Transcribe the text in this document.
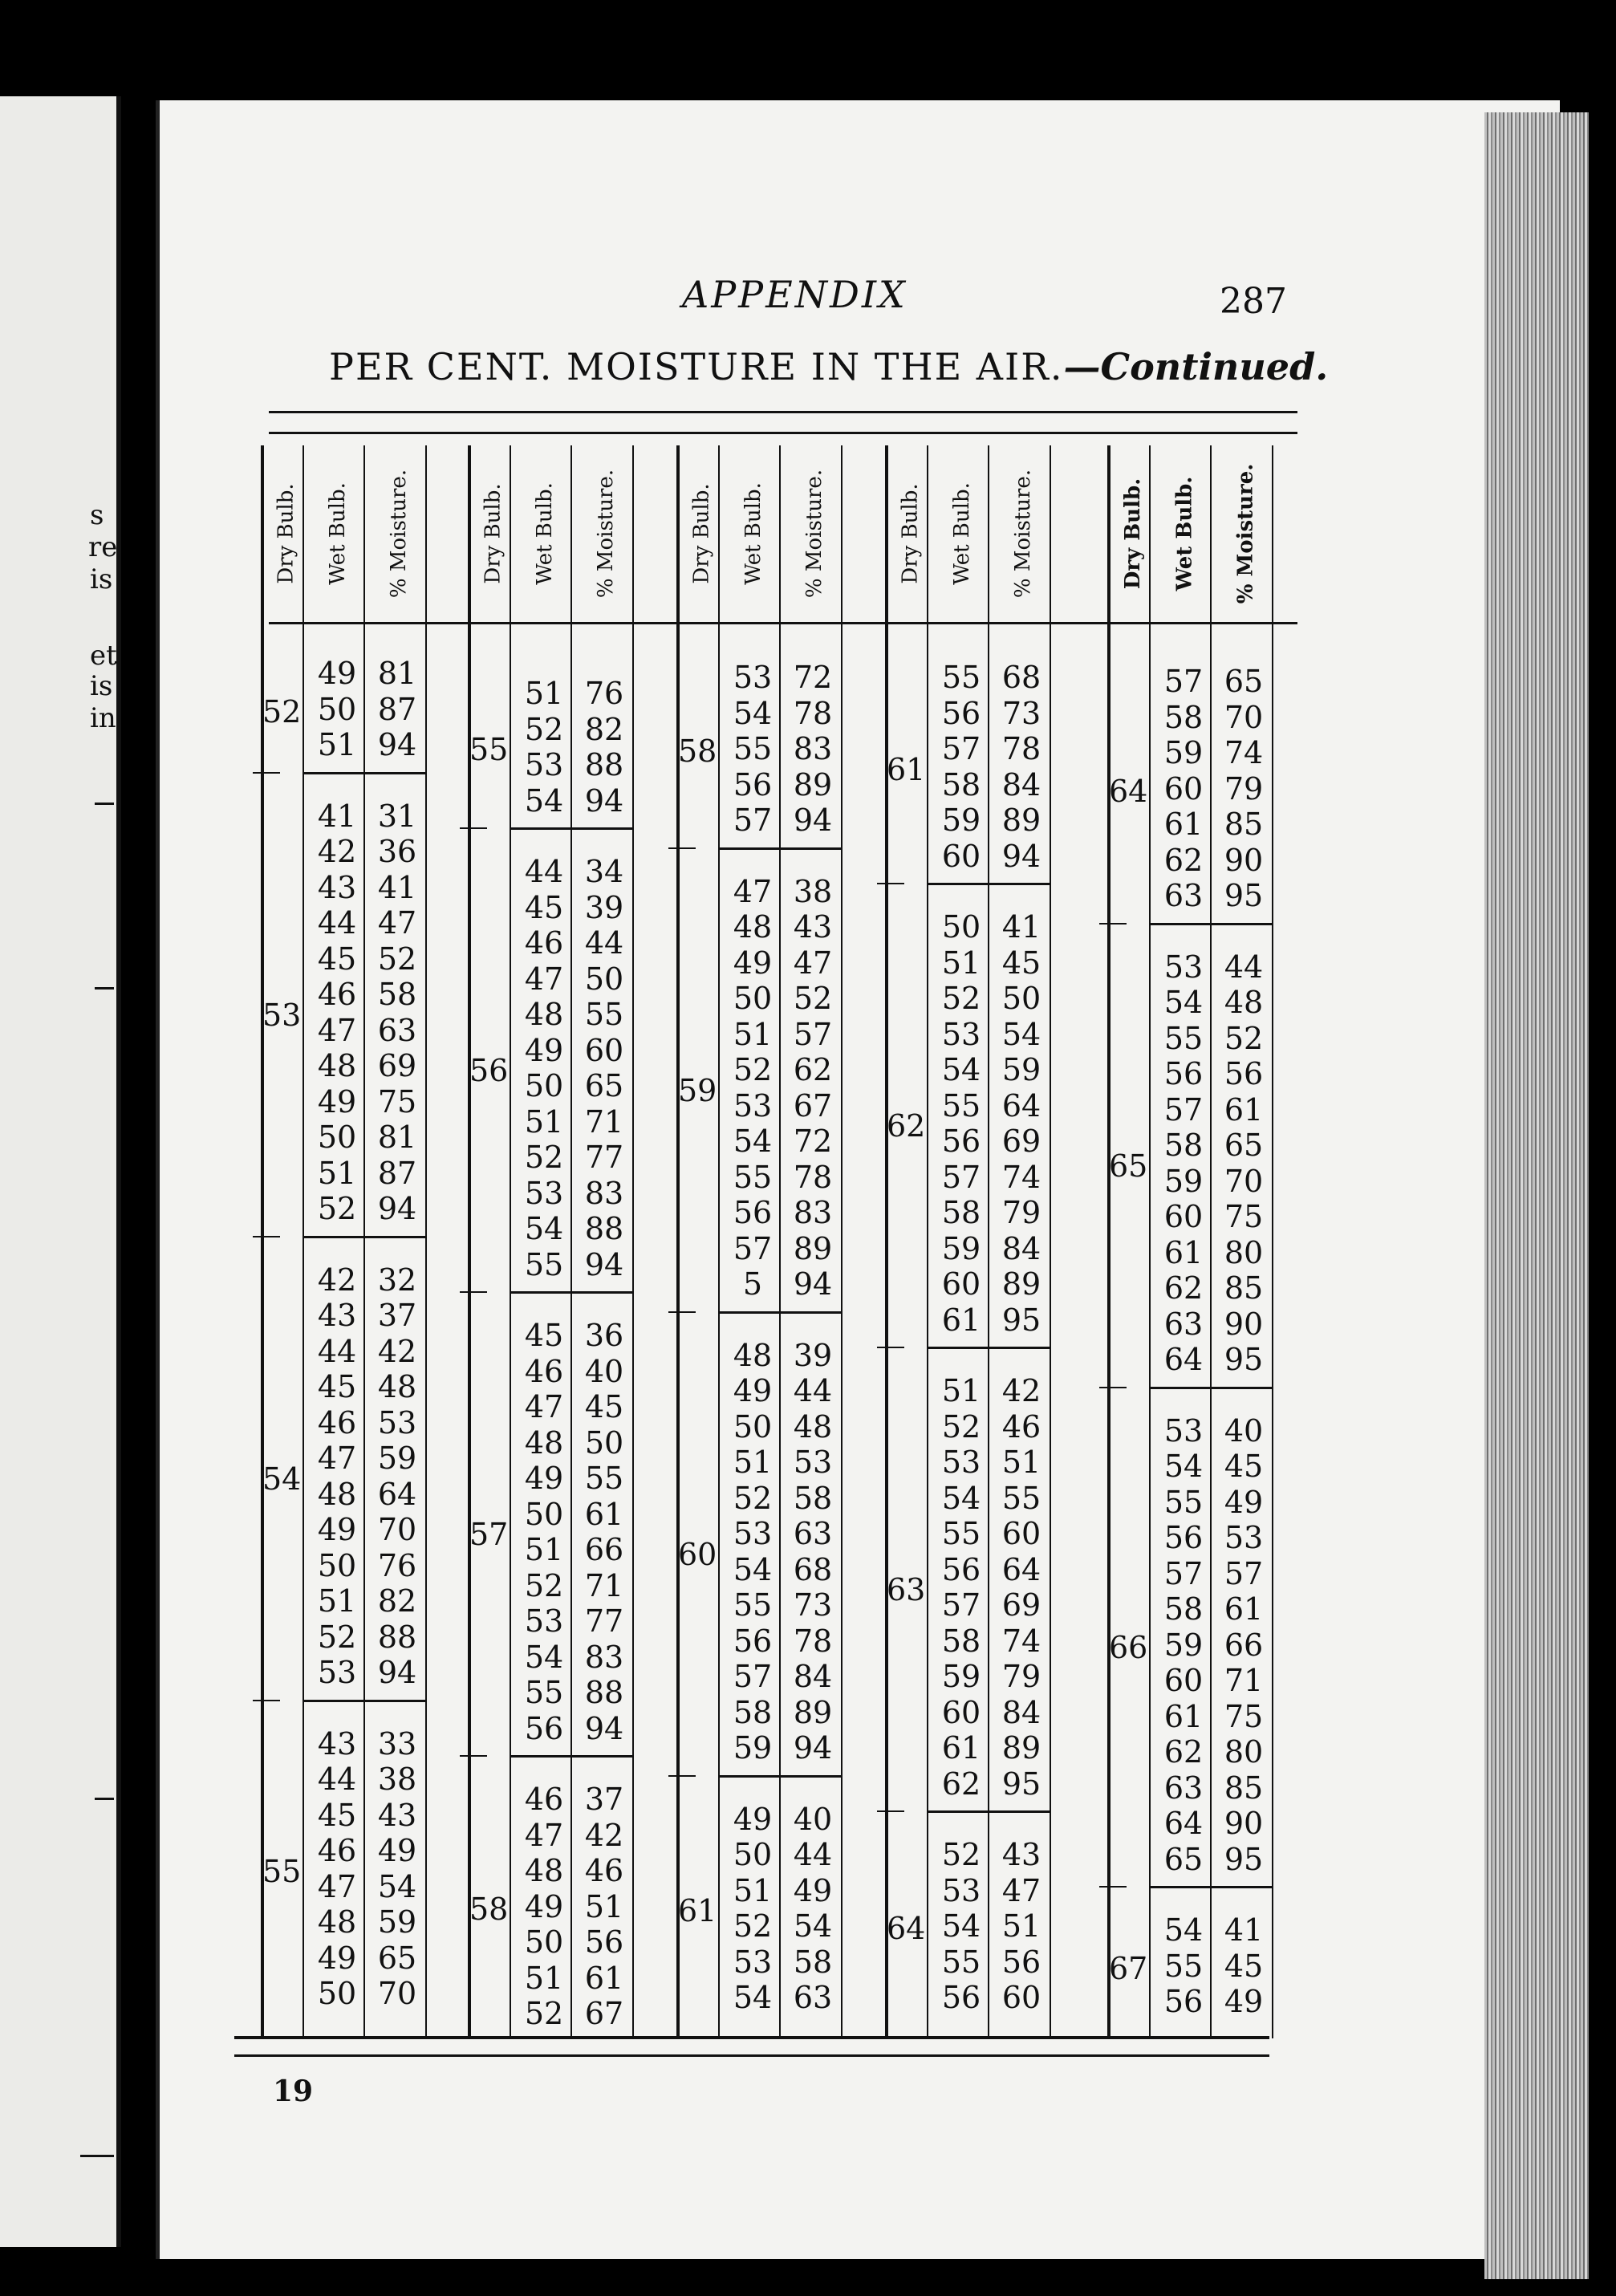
s
re
is
et
is
in
APPENDIX	287
PER CENT. MOISTURE IN THE AIR.—Continued.
Dry Bulb. Wet Bulb. % Moisture.
52
49 81
50 87
51 94
53
41 31
42 36
43 41
44 47
45 52
46 58
47 63
48 69
49 75
50 81
51 87
52 94
54
42 32
43 37
44 42
45 48
46 53
47 59
48 64
49 70
50 76
51 82
52 88
53 94
55
43 33
44 38
45 43
46 49
47 54
48 59
49 65
50 70
Dry Bulb. Wet Bulb. % Moisture.
55
51 76
52 82
53 88
54 94
56
44 34
45 39
46 44
47 50
48 55
49 60
50 65
51 71
52 77
53 83
54 88
55 94
57
45 36
46 40
47 45
48 50
49 55
50 61
51 66
52 71
53 77
54 83
55 88
56 94
58
46 37
47 42
48 46
49 51
50 56
51 61
52 67
Dry Bulb. Wet Bulb. % Moisture.
58
53 72
54 78
55 83
56 89
57 94
59
47 38
48 43
49 47
50 52
51 57
52 62
53 67
54 72
55 78
56 83
57 89
5	94
60
48 39
49 44
50 48
51 53
52 58
53 63
54 68
55 73
56 78
57 84
58 89
59 94
61
49 40
50 44
51 49
52 54
53 58
54 63
Dry Bulb. Wet Bulb. % Moisture.
61
55 68
56 73
57 78
58 84
59 89
60 94
62
50 41
51 45
52 50
53 54
54 59
55 64
56 69
57 74
58 79
59 84
60 89
61 95
63
51 42
52 46
53 51
54 55
55 60
56 64
57 69
58 74
59 79
60 84
61 89
62 95
64
52 43
53 47
54 51
55 56
56 60
Dry Bulb. Wet Bulb. % Moisture.
64
57 65
58 70
59 74
60 79
61 85
62 90
63 95
65
53 44
54 48
55 52
56 56
57 61
58 65
59 70
60 75
61 80
62 85
63 90
64 95
66
53 40
54 45
55 49
56 53
57 57
58 61
59 66
60 71
61 75
62 80
63 85
64 90
65 95
67
54 41
55 45
56 49
19
